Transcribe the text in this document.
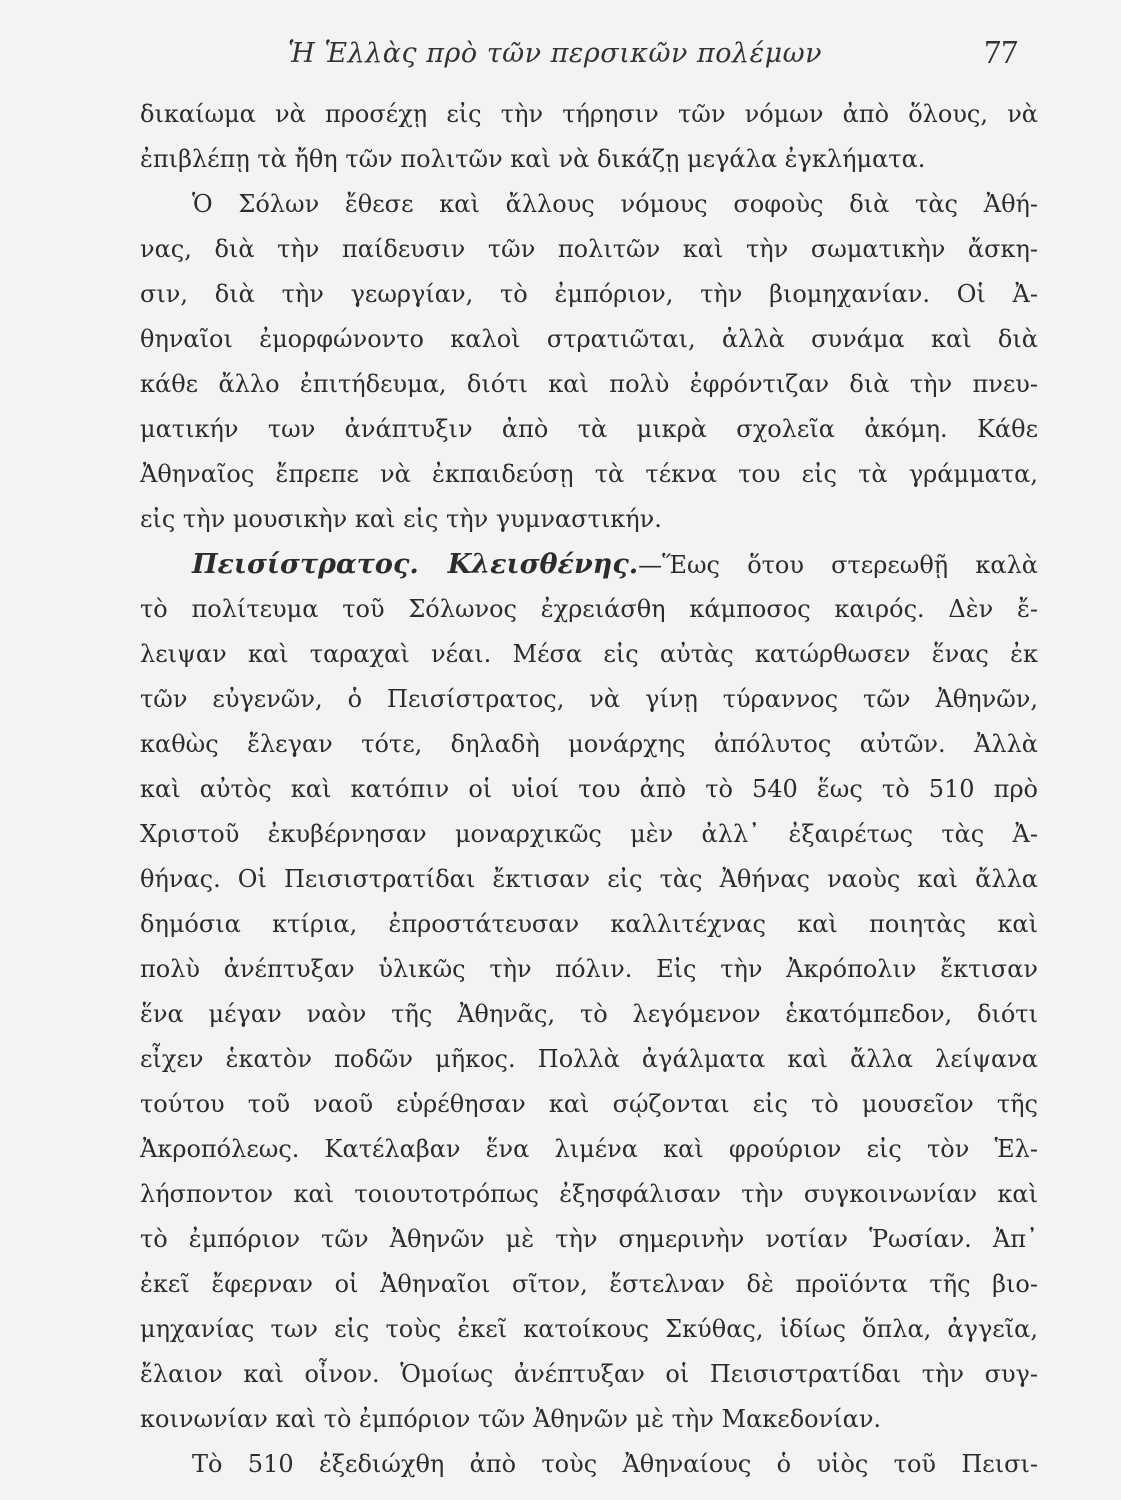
Ἡ Ἑλλὰς πρὸ τῶν περσικῶν πολέμων	77
δικαίωμα νὰ προσέχῃ εἰς τὴν τήρησιν τῶν νόμων ἀπὸ ὅλους, νὰ
ἐπιβλέπῃ τὰ ἤθη τῶν πολιτῶν καὶ νὰ δικάζῃ μεγάλα ἐγκλήματα.
Ὁ Σόλων ἔθεσε καὶ ἄλλους νόμους σοφοὺς διὰ τὰς Ἀθή-
νας, διὰ τὴν παίδευσιν τῶν πολιτῶν καὶ τὴν σωματικὴν ἄσκη-
σιν, διὰ τὴν γεωργίαν, τὸ ἐμπόριον, τὴν βιομηχανίαν. Οἱ Ἀ-
θηναῖοι ἐμορφώνοντο καλοὶ στρατιῶται, ἀλλὰ συνάμα καὶ διὰ
κάθε ἄλλο ἐπιτήδευμα, διότι καὶ πολὺ ἐφρόντιζαν διὰ τὴν πνευ-
ματικήν των ἀνάπτυξιν ἀπὸ τὰ μικρὰ σχολεῖα ἀκόμη. Κάθε
Ἀθηναῖος ἔπρεπε νὰ ἐκπαιδεύσῃ τὰ τέκνα του εἰς τὰ γράμματα,
εἰς τὴν μουσικὴν καὶ εἰς τὴν γυμναστικήν.
Πεισίστρατος. Κλεισθένης.—Ἕως ὅτου στερεωθῇ καλὰ
τὸ πολίτευμα τοῦ Σόλωνος ἐχρειάσθη κάμποσος καιρός. Δὲν ἔ-
λειψαν καὶ ταραχαὶ νέαι. Μέσα εἰς αὐτὰς κατώρθωσεν ἕνας ἐκ
τῶν εὐγενῶν, ὁ Πεισίστρατος, νὰ γίνῃ τύραννος τῶν Ἀθηνῶν,
καθὼς ἔλεγαν τότε, δηλαδὴ μονάρχης ἀπόλυτος αὐτῶν. Ἀλλὰ
καὶ αὐτὸς καὶ κατόπιν οἱ υἱοί του ἀπὸ τὸ 540 ἕως τὸ 510 πρὸ
Χριστοῦ ἐκυβέρνησαν μοναρχικῶς μὲν ἀλλ᾽ ἐξαιρέτως τὰς Ἀ-
θήνας. Οἱ Πεισιστρατίδαι ἔκτισαν εἰς τὰς Ἀθήνας ναοὺς καὶ ἄλλα
δημόσια κτίρια, ἐπροστάτευσαν καλλιτέχνας καὶ ποιητὰς καὶ
πολὺ ἀνέπτυξαν ὑλικῶς τὴν πόλιν. Εἰς τὴν Ἀκρόπολιν ἔκτισαν
ἕνα μέγαν ναὸν τῆς Ἀθηνᾶς, τὸ λεγόμενον ἑκατόμπεδον, διότι
εἶχεν ἑκατὸν ποδῶν μῆκος. Πολλὰ ἀγάλματα καὶ ἄλλα λείψανα
τούτου τοῦ ναοῦ εὑρέθησαν καὶ σῴζονται εἰς τὸ μουσεῖον τῆς
Ἀκροπόλεως. Κατέλαβαν ἕνα λιμένα καὶ φρούριον εἰς τὸν Ἑλ-
λήσποντον καὶ τοιουτοτρόπως ἐξησφάλισαν τὴν συγκοινωνίαν καὶ
τὸ ἐμπόριον τῶν Ἀθηνῶν μὲ τὴν σημερινὴν νοτίαν Ῥωσίαν. Ἀπ᾽
ἐκεῖ ἔφερναν οἱ Ἀθηναῖοι σῖτον, ἔστελναν δὲ προϊόντα τῆς βιο-
μηχανίας των εἰς τοὺς ἐκεῖ κατοίκους Σκύθας, ἰδίως ὅπλα, ἀγγεῖα,
ἔλαιον καὶ οἶνον. Ὁμοίως ἀνέπτυξαν οἱ Πεισιστρατίδαι τὴν συγ-
κοινωνίαν καὶ τὸ ἐμπόριον τῶν Ἀθηνῶν μὲ τὴν Μακεδονίαν.
Τὸ 510 ἐξεδιώχθη ἀπὸ τοὺς Ἀθηναίους ὁ υἱὸς τοῦ Πεισι-
